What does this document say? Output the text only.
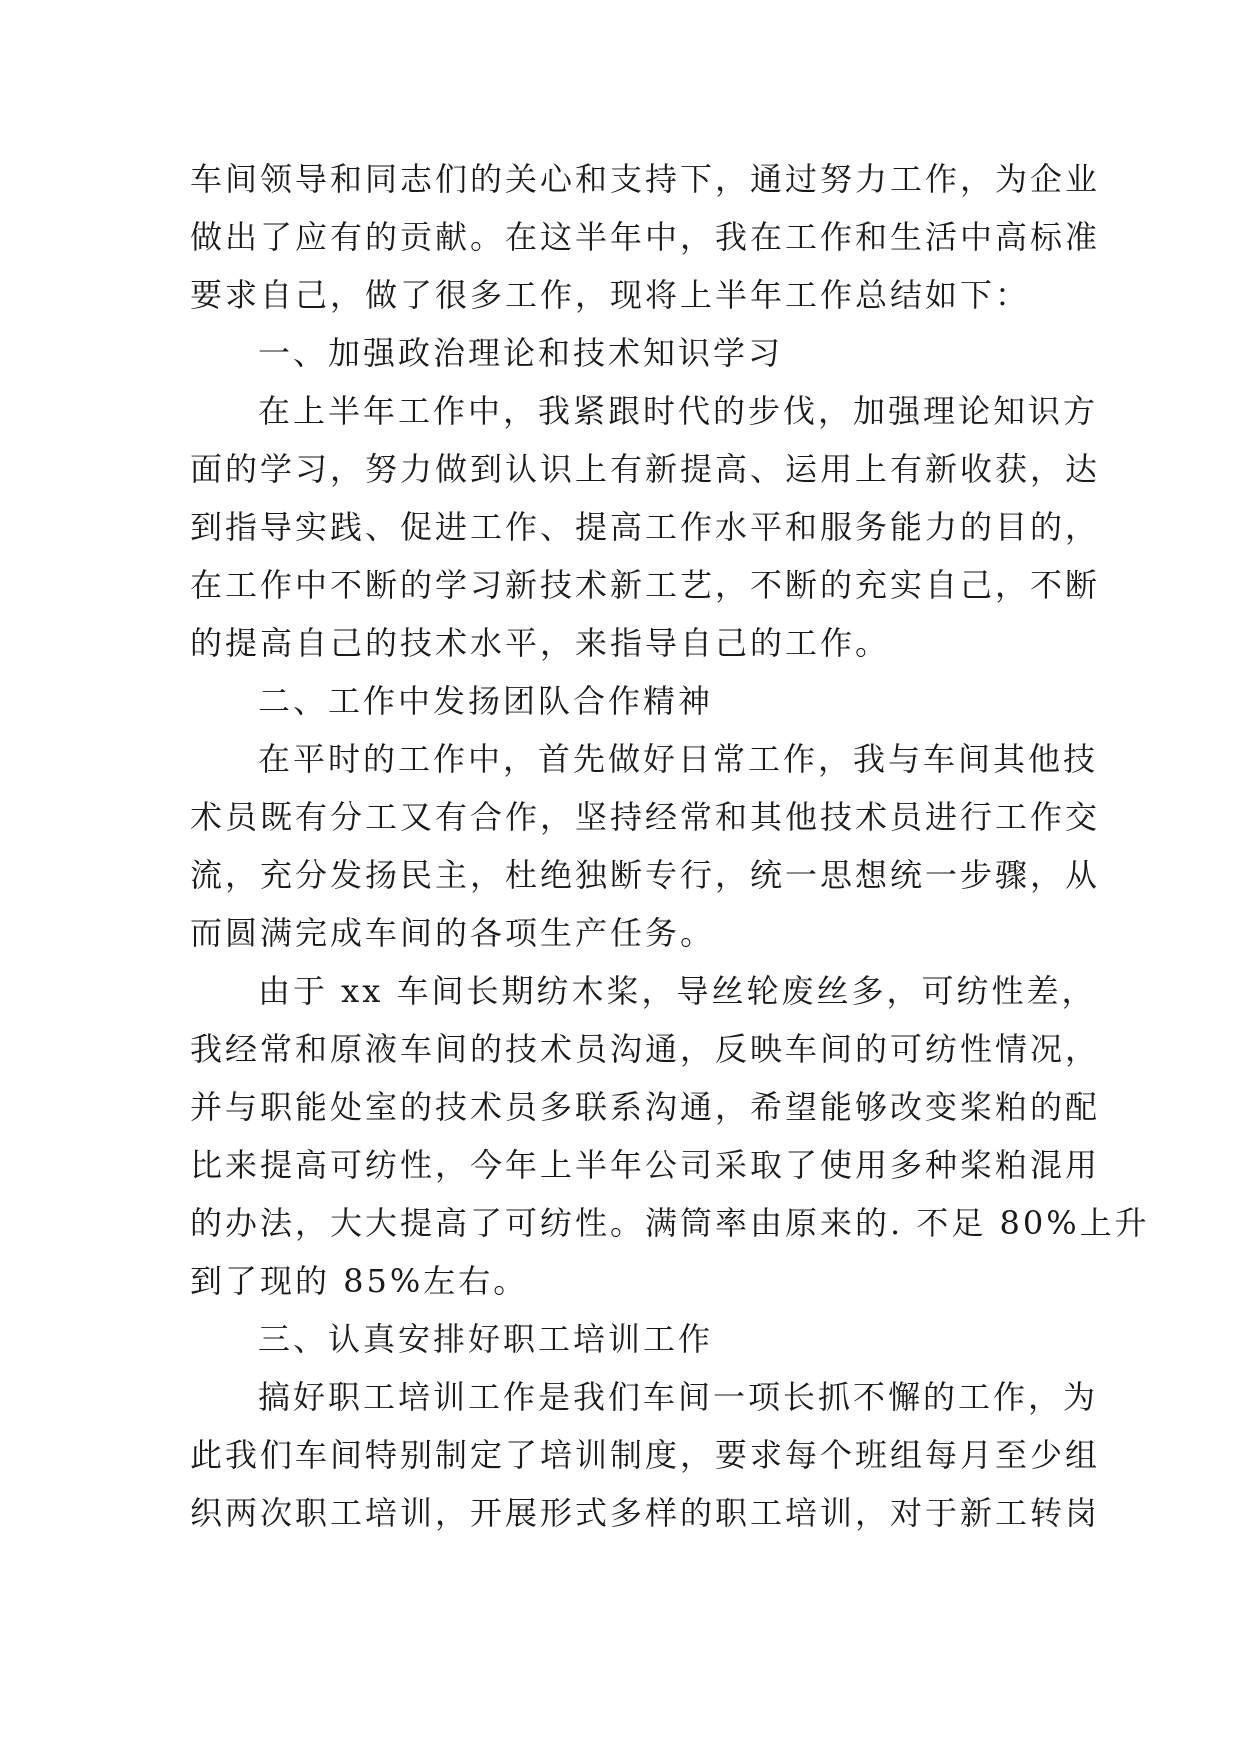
车间领导和同志们的关心和支持下，通过努力工作，为企业
做出了应有的贡献。在这半年中，我在工作和生活中高标准
要求自己，做了很多工作，现将上半年工作总结如下：
一、加强政治理论和技术知识学习
在上半年工作中，我紧跟时代的步伐，加强理论知识方
面的学习，努力做到认识上有新提高、运用上有新收获，达
到指导实践、促进工作、提高工作水平和服务能力的目的，
在工作中不断的学习新技术新工艺，不断的充实自己，不断
的提高自己的技术水平，来指导自己的工作。
二、工作中发扬团队合作精神
在平时的工作中，首先做好日常工作，我与车间其他技
术员既有分工又有合作，坚持经常和其他技术员进行工作交
流，充分发扬民主，杜绝独断专行，统一思想统一步骤，从
而圆满完成车间的各项生产任务。
由于 xx 车间长期纺木桨，导丝轮废丝多，可纺性差，
我经常和原液车间的技术员沟通，反映车间的可纺性情况，
并与职能处室的技术员多联系沟通，希望能够改变桨粕的配
比来提高可纺性，今年上半年公司采取了使用多种桨粕混用
的办法，大大提高了可纺性。满筒率由原来的. 不足 80%上升
到了现的 85%左右。
三、认真安排好职工培训工作
搞好职工培训工作是我们车间一项长抓不懈的工作，为
此我们车间特别制定了培训制度，要求每个班组每月至少组
织两次职工培训，开展形式多样的职工培训，对于新工转岗
